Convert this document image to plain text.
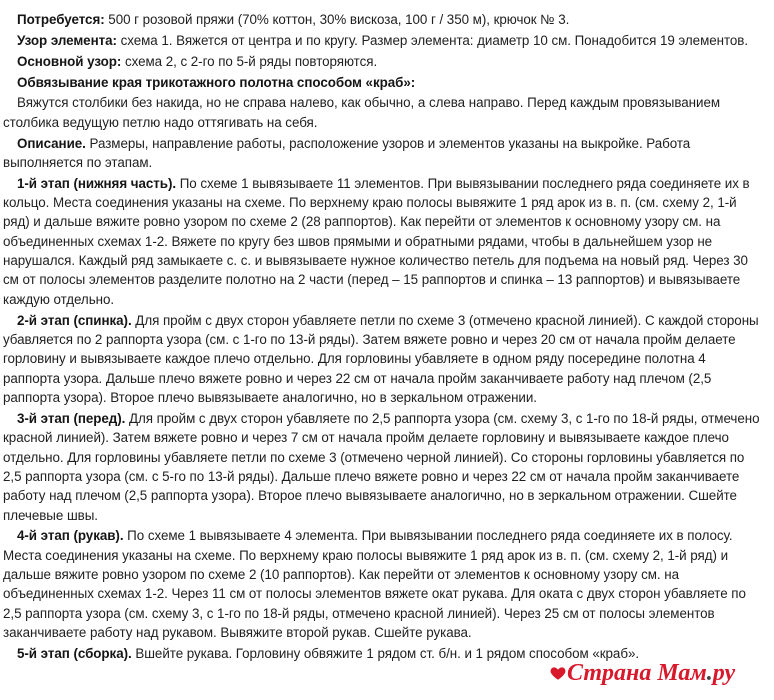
Потребуется: 500 г розовой пряжи (70% коттон, 30% вискоза, 100 г / 350 м), крючок № 3.

Узор элемента: схема 1. Вяжется от центра и по кругу. Размер элемента: диаметр 10 см. Понадобится 19 элементов.

Основной узор: схема 2, с 2-го по 5-й ряды повторяются.

Обвязывание края трикотажного полотна способом «краб»:

Вяжутся столбики без накида, но не справа налево, как обычно, а слева направо. Перед каждым провязыванием столбика ведущую петлю надо оттягивать на себя.

Описание. Размеры, направление работы, расположение узоров и элементов указаны на выкройке. Работа выполняется по этапам.

1-й этап (нижняя часть). По схеме 1 вывязываете 11 элементов. При вывязывании последнего ряда соединяете их в кольцо. Места соединения указаны на схеме. По верхнему краю полосы вывяжите 1 ряд арок из в. п. (см. схему 2, 1-й ряд) и дальше вяжите ровно узором по схеме 2 (28 раппортов). Как перейти от элементов к основному узору см. на объединенных схемах 1-2. Вяжете по кругу без швов прямыми и обратными рядами, чтобы в дальнейшем узор не нарушался. Каждый ряд замыкаете с. с. и вывязываете нужное количество петель для подъема на новый ряд. Через 30 см от полосы элементов разделите полотно на 2 части (перед – 15 раппортов и спинка – 13 раппортов) и вывязываете каждую отдельно.

2-й этап (спинка). Для пройм с двух сторон убавляете петли по схеме 3 (отмечено красной линией). С каждой стороны убавляется по 2 раппорта узора (см. с 1-го по 13-й ряды). Затем вяжете ровно и через 20 см от начала пройм делаете горловину и вывязываете каждое плечо отдельно. Для горловины убавляете в одном ряду посередине полотна 4 раппорта узора. Дальше плечо вяжете ровно и через 22 см от начала пройм заканчиваете работу над плечом (2,5 раппорта узора). Второе плечо вывязываете аналогично, но в зеркальном отражении.

3-й этап (перед). Для пройм с двух сторон убавляете по 2,5 раппорта узора (см. схему 3, с 1-го по 18-й ряды, отмечено красной линией). Затем вяжете ровно и через 7 см от начала пройм делаете горловину и вывязываете каждое плечо отдельно. Для горловины убавляете петли по схеме 3 (отмечено черной линией). Со стороны горловины убавляется по 2,5 раппорта узора (см. с 5-го по 13-й ряды). Дальше плечо вяжете ровно и через 22 см от начала пройм заканчиваете работу над плечом (2,5 раппорта узора). Второе плечо вывязываете аналогично, но в зеркальном отражении. Сшейте плечевые швы.

4-й этап (рукав). По схеме 1 вывязываете 4 элемента. При вывязывании последнего ряда соединяете их в полосу. Места соединения указаны на схеме. По верхнему краю полосы вывяжите 1 ряд арок из в. п. (см. схему 2, 1-й ряд) и дальше вяжите ровно узором по схеме 2 (10 раппортов). Как перейти от элементов к основному узору см. на объединенных схемах 1-2. Через 11 см от полосы элементов вяжете окат рукава. Для оката с двух сторон убавляете по 2,5 раппорта узора (см. схему 3, с 1-го по 18-й ряды, отмечено красной линией). Через 25 см от полосы элементов заканчиваете работу над рукавом. Вывяжите второй рукав. Сшейте рукава.

5-й этап (сборка). Вшейте рукава. Горловину обвяжите 1 рядом ст. б/н. и 1 рядом способом «краб».

Страна Мам.ру
